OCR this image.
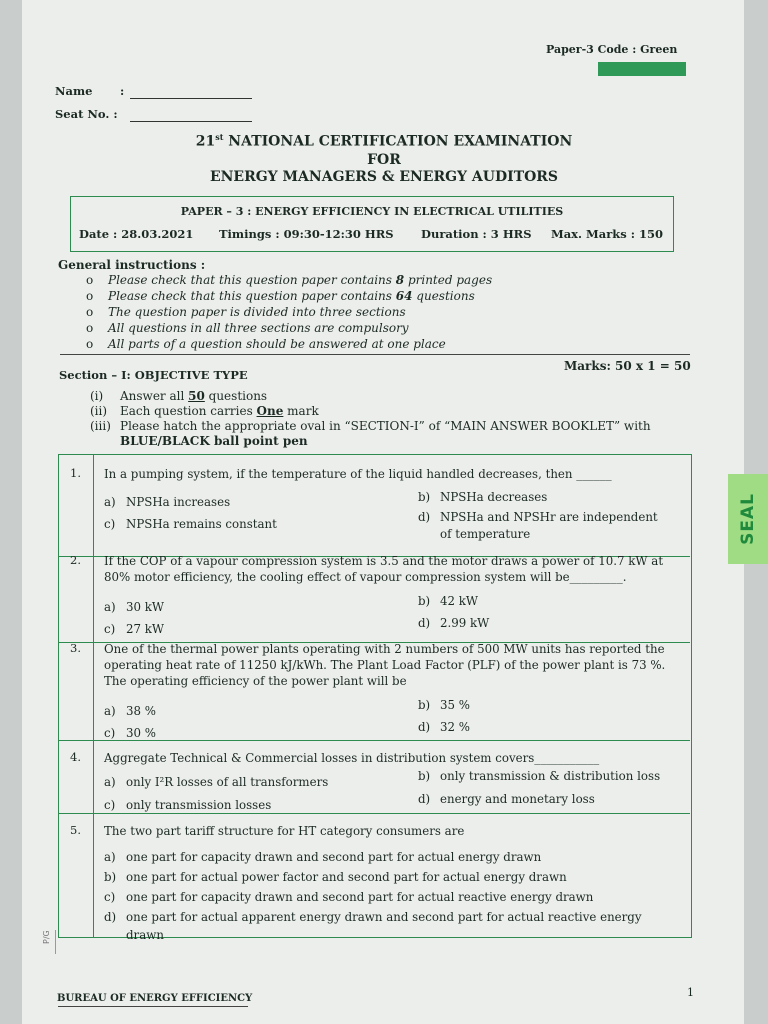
Paper-3 Code : Green
Name :
Seat No. :
21st NATIONAL CERTIFICATION EXAMINATION
FOR
ENERGY MANAGERS & ENERGY AUDITORS
PAPER – 3 : ENERGY EFFICIENCY IN ELECTRICAL UTILITIES
Date : 28.03.2021 Timings : 09:30-12:30 HRS Duration : 3 HRS Max. Marks : 150
General instructions :
o Please check that this question paper contains 8 printed pages
o Please check that this question paper contains 64 questions
o The question paper is divided into three sections
o All questions in all three sections are compulsory
o All parts of a question should be answered at one place
Section – I: OBJECTIVE TYPE
Marks: 50 x 1 = 50
(i) Answer all 50 questions
(ii) Each question carries One mark
(iii) Please hatch the appropriate oval in “SECTION-I” of “MAIN ANSWER BOOKLET” with
BLUE/BLACK ball point pen
1. In a pumping system, if the temperature of the liquid handled decreases, then ______
a) NPSHa increases	b) NPSHa decreases
c) NPSHa remains constant	d) NPSHa and NPSHr are independent
of temperature
2. If the COP of a vapour compression system is 3.5 and the motor draws a power of 10.7 kW at 80% motor efficiency, the cooling effect of vapour compression system will be_________.
a) 30 kW	b) 42 kW
c) 27 kW	d) 2.99 kW
3. One of the thermal power plants operating with 2 numbers of 500 MW units has reported the operating heat rate of 11250 kJ/kWh. The Plant Load Factor (PLF) of the power plant is 73 %. The operating efficiency of the power plant will be
a) 38 %	b) 35 %
c) 30 %	d) 32 %
4. Aggregate Technical & Commercial losses in distribution system covers___________
a) only I²R losses of all transformers	b) only transmission & distribution loss
c) only transmission losses	d) energy and monetary loss
5. The two part tariff structure for HT category consumers are
a) one part for capacity drawn and second part for actual energy drawn
b) one part for actual power factor and second part for actual energy drawn
c) one part for capacity drawn and second part for actual reactive energy drawn
d) one part for actual apparent energy drawn and second part for actual reactive energy
drawn
SEAL
P/G
BUREAU OF ENERGY EFFICIENCY	1
